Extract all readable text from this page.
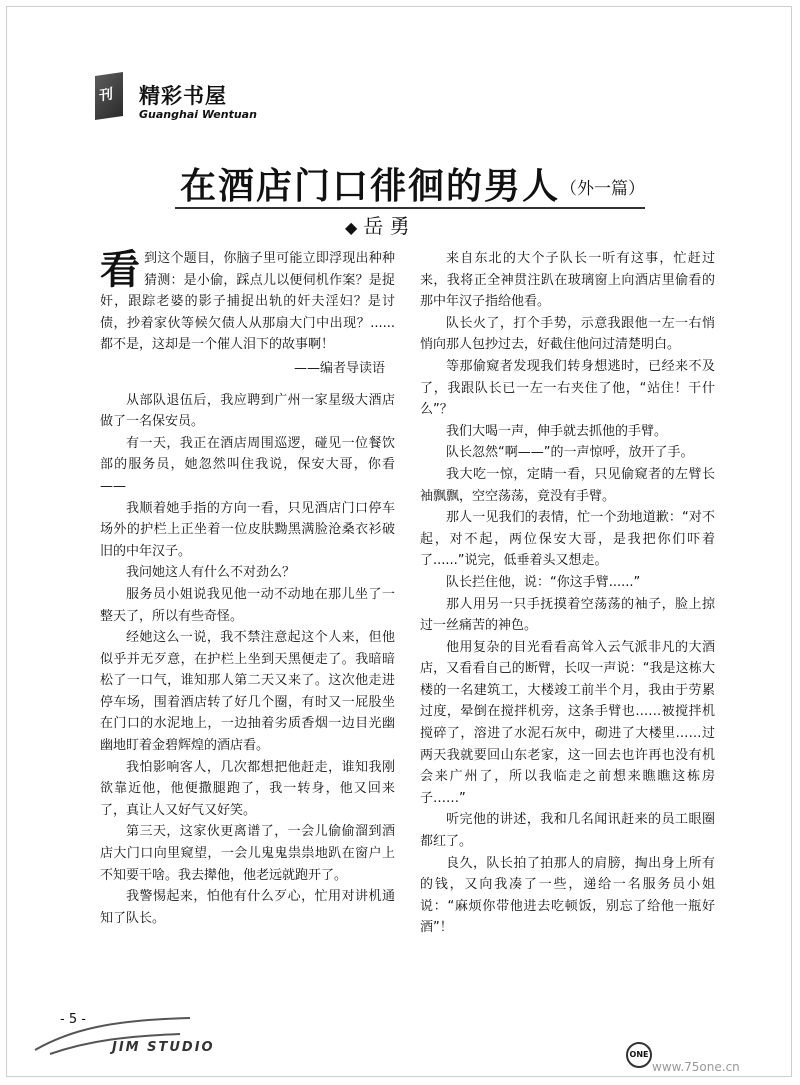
刊 精彩书屋
Guanghai Wentuan
在酒店门口徘徊的男人 （外一篇）
◆ 岳 勇

看到这个题目，你脑子里可能立即浮现出种种猜测：是小偷，踩点儿以便伺机作案？是捉奸，跟踪老婆的影子捕捉出轨的奸夫淫妇？是讨债，抄着家伙等候欠债人从那扇大门中出现？......都不是，这却是一个催人泪下的故事啊！

——编者导读语

从部队退伍后，我应聘到广州一家星级大酒店做了一名保安员。

有一天，我正在酒店周围巡逻，碰见一位餐饮部的服务员，她忽然叫住我说，保安大哥，你看——

我顺着她手指的方向一看，只见酒店门口停车场外的护栏上正坐着一位皮肤黝黑满脸沧桑衣衫破旧的中年汉子。

我问她这人有什么不对劲么？

服务员小姐说我见他一动不动地在那儿坐了一整天了，所以有些奇怪。

经她这么一说，我不禁注意起这个人来，但他似乎并无歹意，在护栏上坐到天黑便走了。我暗暗松了一口气，谁知那人第二天又来了。这次他走进停车场，围着酒店转了好几个圈，有时又一屁股坐在门口的水泥地上，一边抽着劣质香烟一边目光幽幽地盯着金碧辉煌的酒店看。

我怕影响客人，几次都想把他赶走，谁知我刚欲靠近他，他便撒腿跑了，我一转身，他又回来了，真让人又好气又好笑。

第三天，这家伙更离谱了，一会儿偷偷溜到酒店大门口向里窥望，一会儿鬼鬼祟祟地趴在窗户上不知要干啥。我去撵他，他老远就跑开了。

我警惕起来，怕他有什么歹心，忙用对讲机通知了队长。

来自东北的大个子队长一听有这事，忙赶过来，我将正全神贯注趴在玻璃窗上向酒店里偷看的那中年汉子指给他看。

队长火了，打个手势，示意我跟他一左一右悄悄向那人包抄过去，好截住他问过清楚明白。

等那偷窥者发现我们转身想逃时，已经来不及了，我跟队长已一左一右夹住了他，“站住！干什么”？

我们大喝一声，伸手就去抓他的手臂。

队长忽然“啊——”的一声惊呼，放开了手。

我大吃一惊，定睛一看，只见偷窥者的左臂长袖飘飘，空空荡荡，竟没有手臂。

那人一见我们的表情，忙一个劲地道歉：“对不起，对不起，两位保安大哥，是我把你们吓着了......”说完，低垂着头又想走。

队长拦住他，说：“你这手臂......”

那人用另一只手抚摸着空荡荡的袖子，脸上掠过一丝痛苦的神色。

他用复杂的目光看看高耸入云气派非凡的大酒店，又看看自己的断臂，长叹一声说：“我是这栋大楼的一名建筑工，大楼竣工前半个月，我由于劳累过度，晕倒在搅拌机旁，这条手臂也……被搅拌机搅碎了，溶进了水泥石灰中，砌进了大楼里……过两天我就要回山东老家，这一回去也许再也没有机会来广州了，所以我临走之前想来瞧瞧这栋房子……”

听完他的讲述，我和几名闻讯赶来的员工眼圈都红了。

良久，队长拍了拍那人的肩膀，掏出身上所有的钱，又向我凑了一些，递给一名服务员小姐说：“麻烦你带他进去吃顿饭，别忘了给他一瓶好酒”！

- 5 -
JIM STUDIO	ONE
www.75one.cn
